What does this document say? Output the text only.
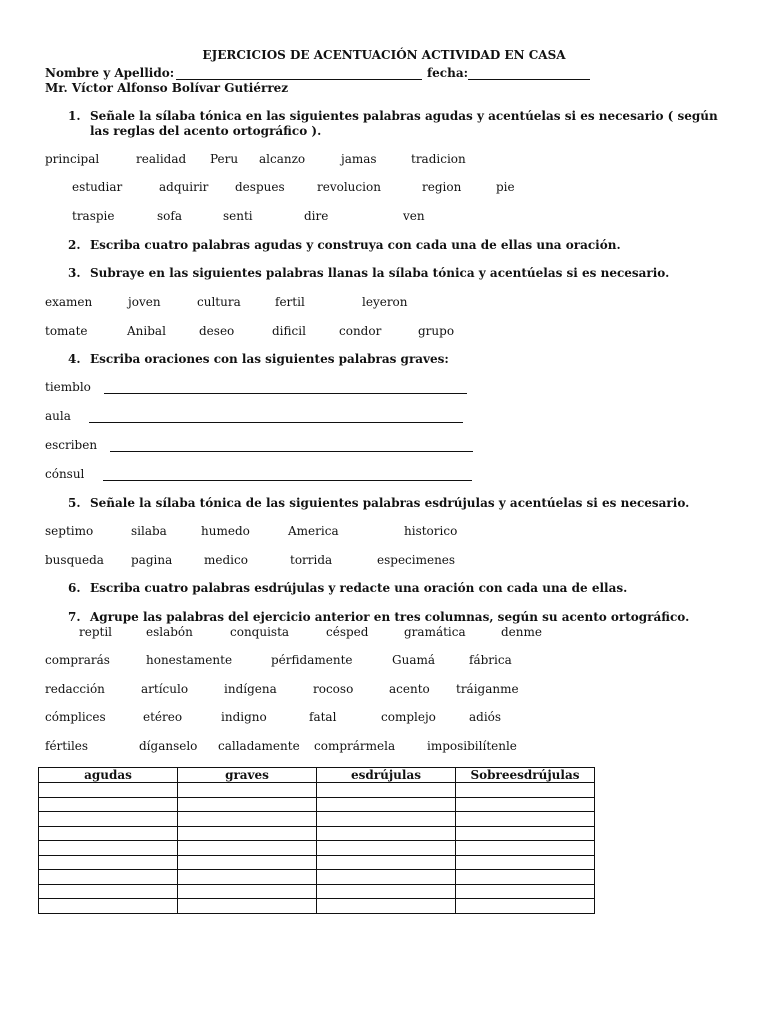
EJERCICIOS DE ACENTUACIÓN ACTIVIDAD EN CASA
Nombre y Apellido:	fecha:
Mr. Víctor Alfonso Bolívar Gutiérrez
1. Señale la sílaba tónica en las siguientes palabras agudas y acentúelas si es necesario ( según
las reglas del acento ortográfico ).
principal	realidad Peru alcanzo	jamas	tradicion
estudiar	adquirir despues	revolucion	region	pie
traspie	sofa	senti	dire	ven
2. Escriba cuatro palabras agudas y construya con cada una de ellas una oración.
3. Subraye en las siguientes palabras llanas la sílaba tónica y acentúelas si es necesario.
examen	joven	cultura	fertil	leyeron
tomate	Anibal	deseo	dificil	condor	grupo
4. Escriba oraciones con las siguientes palabras graves:
tiemblo
aula
escriben
cónsul
5. Señale la sílaba tónica de las siguientes palabras esdrújulas y acentúelas si es necesario.
septimo	silaba	humedo	America	historico
busqueda pagina	medico	torrida	especimenes
6. Escriba cuatro palabras esdrújulas y redacte una oración con cada una de ellas.
7. Agrupe las palabras del ejercicio anterior en tres columnas, según su acento ortográfico.
reptil	eslabón	conquista	césped	gramática	denme
comprarás	honestamente	pérfidamente	Guamá	fábrica
redacción	artículo	indígena	rocoso	acento tráiganme
cómplices	etéreo	indigno	fatal	complejo	adiós
fértiles	díganselo calladamente comprármela	imposibilítenle
agudas	graves	esdrújulas	Sobreesdrújulas
